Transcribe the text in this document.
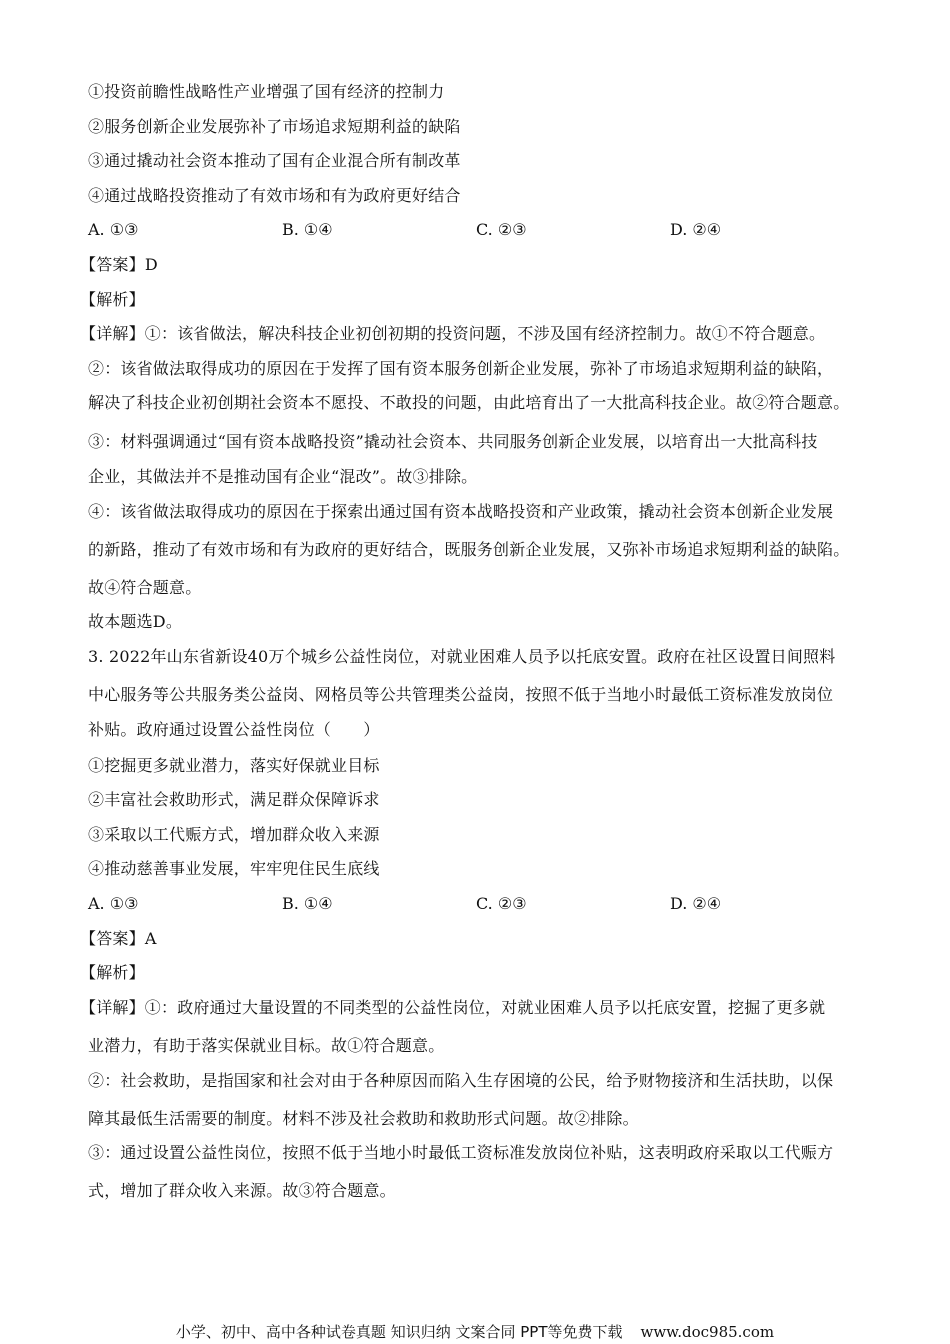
①投资前瞻性战略性产业增强了国有经济的控制力
②服务创新企业发展弥补了市场追求短期利益的缺陷
③通过撬动社会资本推动了国有企业混合所有制改革
④通过战略投资推动了有效市场和有为政府更好结合
A. ①③	B. ①④	C. ②③	D. ②④
【答案】D
【解析】
【详解】①：该省做法，解决科技企业初创初期的投资问题，不涉及国有经济控制力。故①不符合题意。
②：该省做法取得成功的原因在于发挥了国有资本服务创新企业发展，弥补了市场追求短期利益的缺陷，
解决了科技企业初创期社会资本不愿投、不敢投的问题，由此培育出了一大批高科技企业。故②符合题意。
③：材料强调通过“国有资本战略投资”撬动社会资本、共同服务创新企业发展，以培育出一大批高科技
企业，其做法并不是推动国有企业“混改”。故③排除。
④：该省做法取得成功的原因在于探索出通过国有资本战略投资和产业政策，撬动社会资本创新企业发展
的新路，推动了有效市场和有为政府的更好结合，既服务创新企业发展，又弥补市场追求短期利益的缺陷。
故④符合题意。
故本题选D。
3. 2022年山东省新设40万个城乡公益性岗位，对就业困难人员予以托底安置。政府在社区设置日间照料
中心服务等公共服务类公益岗、网格员等公共管理类公益岗，按照不低于当地小时最低工资标准发放岗位
补贴。政府通过设置公益性岗位（　　）
①挖掘更多就业潜力，落实好保就业目标
②丰富社会救助形式，满足群众保障诉求
③采取以工代赈方式，增加群众收入来源
④推动慈善事业发展，牢牢兜住民生底线
A. ①③	B. ①④	C. ②③	D. ②④
【答案】A
【解析】
【详解】①：政府通过大量设置的不同类型的公益性岗位，对就业困难人员予以托底安置，挖掘了更多就
业潜力，有助于落实保就业目标。故①符合题意。
②：社会救助，是指国家和社会对由于各种原因而陷入生存困境的公民，给予财物接济和生活扶助，以保
障其最低生活需要的制度。材料不涉及社会救助和救助形式问题。故②排除。
③：通过设置公益性岗位，按照不低于当地小时最低工资标准发放岗位补贴，这表明政府采取以工代赈方
式，增加了群众收入来源。故③符合题意。
小学、初中、高中各种试卷真题 知识归纳 文案合同 PPT等免费下载 www.doc985.com
